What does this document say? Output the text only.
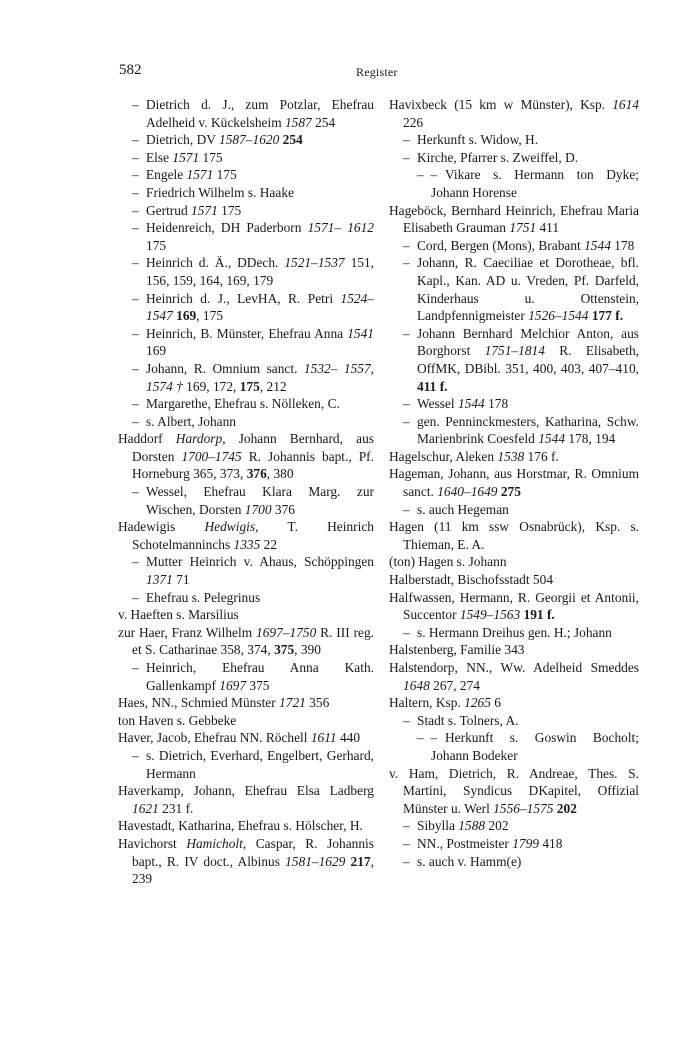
582	Register

– Dietrich d. J., zum Potzlar, Ehefrau Adelheid v. Kückelsheim 1587 254

– Dietrich, DV 1587–1620 254

– Else 1571 175

– Engele 1571 175

– Friedrich Wilhelm s. Haake

– Gertrud 1571 175

– Heidenreich, DH Paderborn 1571– 1612 175

– Heinrich d. Ä., DDech. 1521–1537 151, 156, 159, 164, 169, 179

– Heinrich d. J., LevHA, R. Petri 1524–1547 169, 175

– Heinrich, B. Münster, Ehefrau Anna 1541 169

– Johann, R. Omnium sanct. 1532– 1557, 1574 † 169, 172, 175, 212

– Margarethe, Ehefrau s. Nölleken, C.

– s. Albert, Johann

Haddorf Hardorp, Johann Bernhard, aus Dorsten 1700–1745 R. Johannis bapt., Pf. Horneburg 365, 373, 376, 380

– Wessel, Ehefrau Klara Marg. zur Wischen, Dorsten 1700 376

Hadewigis Hedwigis, T. Heinrich Schotelmanninchs 1335 22

– Mutter Heinrich v. Ahaus, Schöppingen 1371 71

– Ehefrau s. Pelegrinus

v. Haeften s. Marsilius

zur Haer, Franz Wilhelm 1697–1750 R. III reg. et S. Catharinae 358, 374, 375, 390

– Heinrich, Ehefrau Anna Kath. Gallenkampf 1697 375

Haes, NN., Schmied Münster 1721 356

ton Haven s. Gebbeke

Haver, Jacob, Ehefrau NN. Röchell 1611 440

– s. Dietrich, Everhard, Engelbert, Gerhard, Hermann

Haverkamp, Johann, Ehefrau Elsa Ladberg 1621 231 f.

Havestadt, Katharina, Ehefrau s. Hölscher, H.

Havichorst Hamicholt, Caspar, R. Johannis bapt., R. IV doct., Albinus 1581–1629 217, 239

Havixbeck (15 km w Münster), Ksp. 1614 226

– Herkunft s. Widow, H.

– Kirche, Pfarrer s. Zweiffel, D.

–  – Vikare s. Hermann ton Dyke; Johann Horense

Hageböck, Bernhard Heinrich, Ehefrau Maria Elisabeth Grauman 1751 411

– Cord, Bergen (Mons), Brabant 1544 178

– Johann, R. Caeciliae et Dorotheae, bfl. Kapl., Kan. AD u. Vreden, Pf. Darfeld, Kinderhaus u. Ottenstein, Landpfennigmeister 1526–1544 177 f.

– Johann Bernhard Melchior Anton, aus Borghorst 1751–1814 R. Elisabeth, OffMK, DBibl. 351, 400, 403, 407–410, 411 f.

– Wessel 1544 178

– gen. Penninckmesters, Katharina, Schw. Marienbrink Coesfeld 1544 178, 194

Hagelschur, Aleken 1538 176 f.

Hageman, Johann, aus Horstmar, R. Omnium sanct. 1640–1649 275

– s. auch Hegeman

Hagen (11 km ssw Osnabrück), Ksp. s. Thieman, E. A.

(ton) Hagen s. Johann

Halberstadt, Bischofsstadt 504

Halfwassen, Hermann, R. Georgii et Antonii, Succentor 1549–1563 191 f.

– s. Hermann Dreihus gen. H.; Johann

Halstenberg, Familie 343

Halstendorp, NN., Ww. Adelheid Smeddes 1648 267, 274

Haltern, Ksp. 1265 6

– Stadt s. Tolners, A.

–  – Herkunft s. Goswin Bocholt; Johann Bodeker

v. Ham, Dietrich, R. Andreae, Thes. S. Martini, Syndicus DKapitel, Offizial Münster u. Werl 1556–1575 202

– Sibylla 1588 202

– NN., Postmeister 1799 418

– s. auch v. Hamm(e)
